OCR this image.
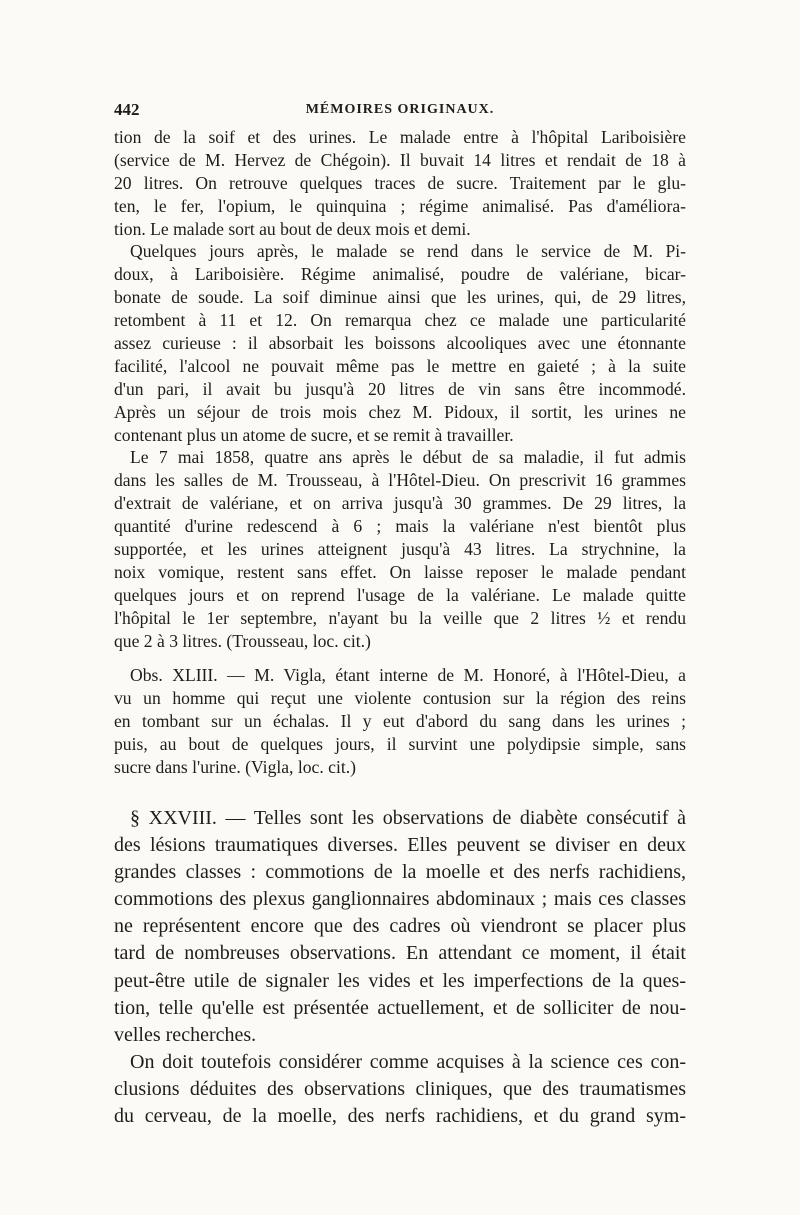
442	MÉMOIRES ORIGINAUX.
tion de la soif et des urines. Le malade entre à l'hôpital Lariboisière
(service de M. Hervez de Chégoin). Il buvait 14 litres et rendait de 18 à
20 litres. On retrouve quelques traces de sucre. Traitement par le glu-
ten, le fer, l'opium, le quinquina ; régime animalisé. Pas d'améliora-
tion. Le malade sort au bout de deux mois et demi.
Quelques jours après, le malade se rend dans le service de M. Pi-
doux, à Lariboisière. Régime animalisé, poudre de valériane, bicar-
bonate de soude. La soif diminue ainsi que les urines, qui, de 29 litres,
retombent à 11 et 12. On remarqua chez ce malade une particularité
assez curieuse : il absorbait les boissons alcooliques avec une étonnante
facilité, l'alcool ne pouvait même pas le mettre en gaieté ; à la suite
d'un pari, il avait bu jusqu'à 20 litres de vin sans être incommodé.
Après un séjour de trois mois chez M. Pidoux, il sortit, les urines ne
contenant plus un atome de sucre, et se remit à travailler.
Le 7 mai 1858, quatre ans après le début de sa maladie, il fut admis
dans les salles de M. Trousseau, à l'Hôtel-Dieu. On prescrivit 16 grammes
d'extrait de valériane, et on arriva jusqu'à 30 grammes. De 29 litres, la
quantité d'urine redescend à 6 ; mais la valériane n'est bientôt plus
supportée, et les urines atteignent jusqu'à 43 litres. La strychnine, la
noix vomique, restent sans effet. On laisse reposer le malade pendant
quelques jours et on reprend l'usage de la valériane. Le malade quitte
l'hôpital le 1er septembre, n'ayant bu la veille que 2 litres ½ et rendu
que 2 à 3 litres. (Trousseau, loc. cit.)
Obs. XLIII. — M. Vigla, étant interne de M. Honoré, à l'Hôtel-Dieu, a
vu un homme qui reçut une violente contusion sur la région des reins
en tombant sur un échalas. Il y eut d'abord du sang dans les urines ;
puis, au bout de quelques jours, il survint une polydipsie simple, sans
sucre dans l'urine. (Vigla, loc. cit.)
§ XXVIII. — Telles sont les observations de diabète consécutif à
des lésions traumatiques diverses. Elles peuvent se diviser en deux
grandes classes : commotions de la moelle et des nerfs rachidiens,
commotions des plexus ganglionnaires abdominaux ; mais ces classes
ne représentent encore que des cadres où viendront se placer plus
tard de nombreuses observations. En attendant ce moment, il était
peut-être utile de signaler les vides et les imperfections de la ques-
tion, telle qu'elle est présentée actuellement, et de solliciter de nou-
velles recherches.
On doit toutefois considérer comme acquises à la science ces con-
clusions déduites des observations cliniques, que des traumatismes
du cerveau, de la moelle, des nerfs rachidiens, et du grand sym-
